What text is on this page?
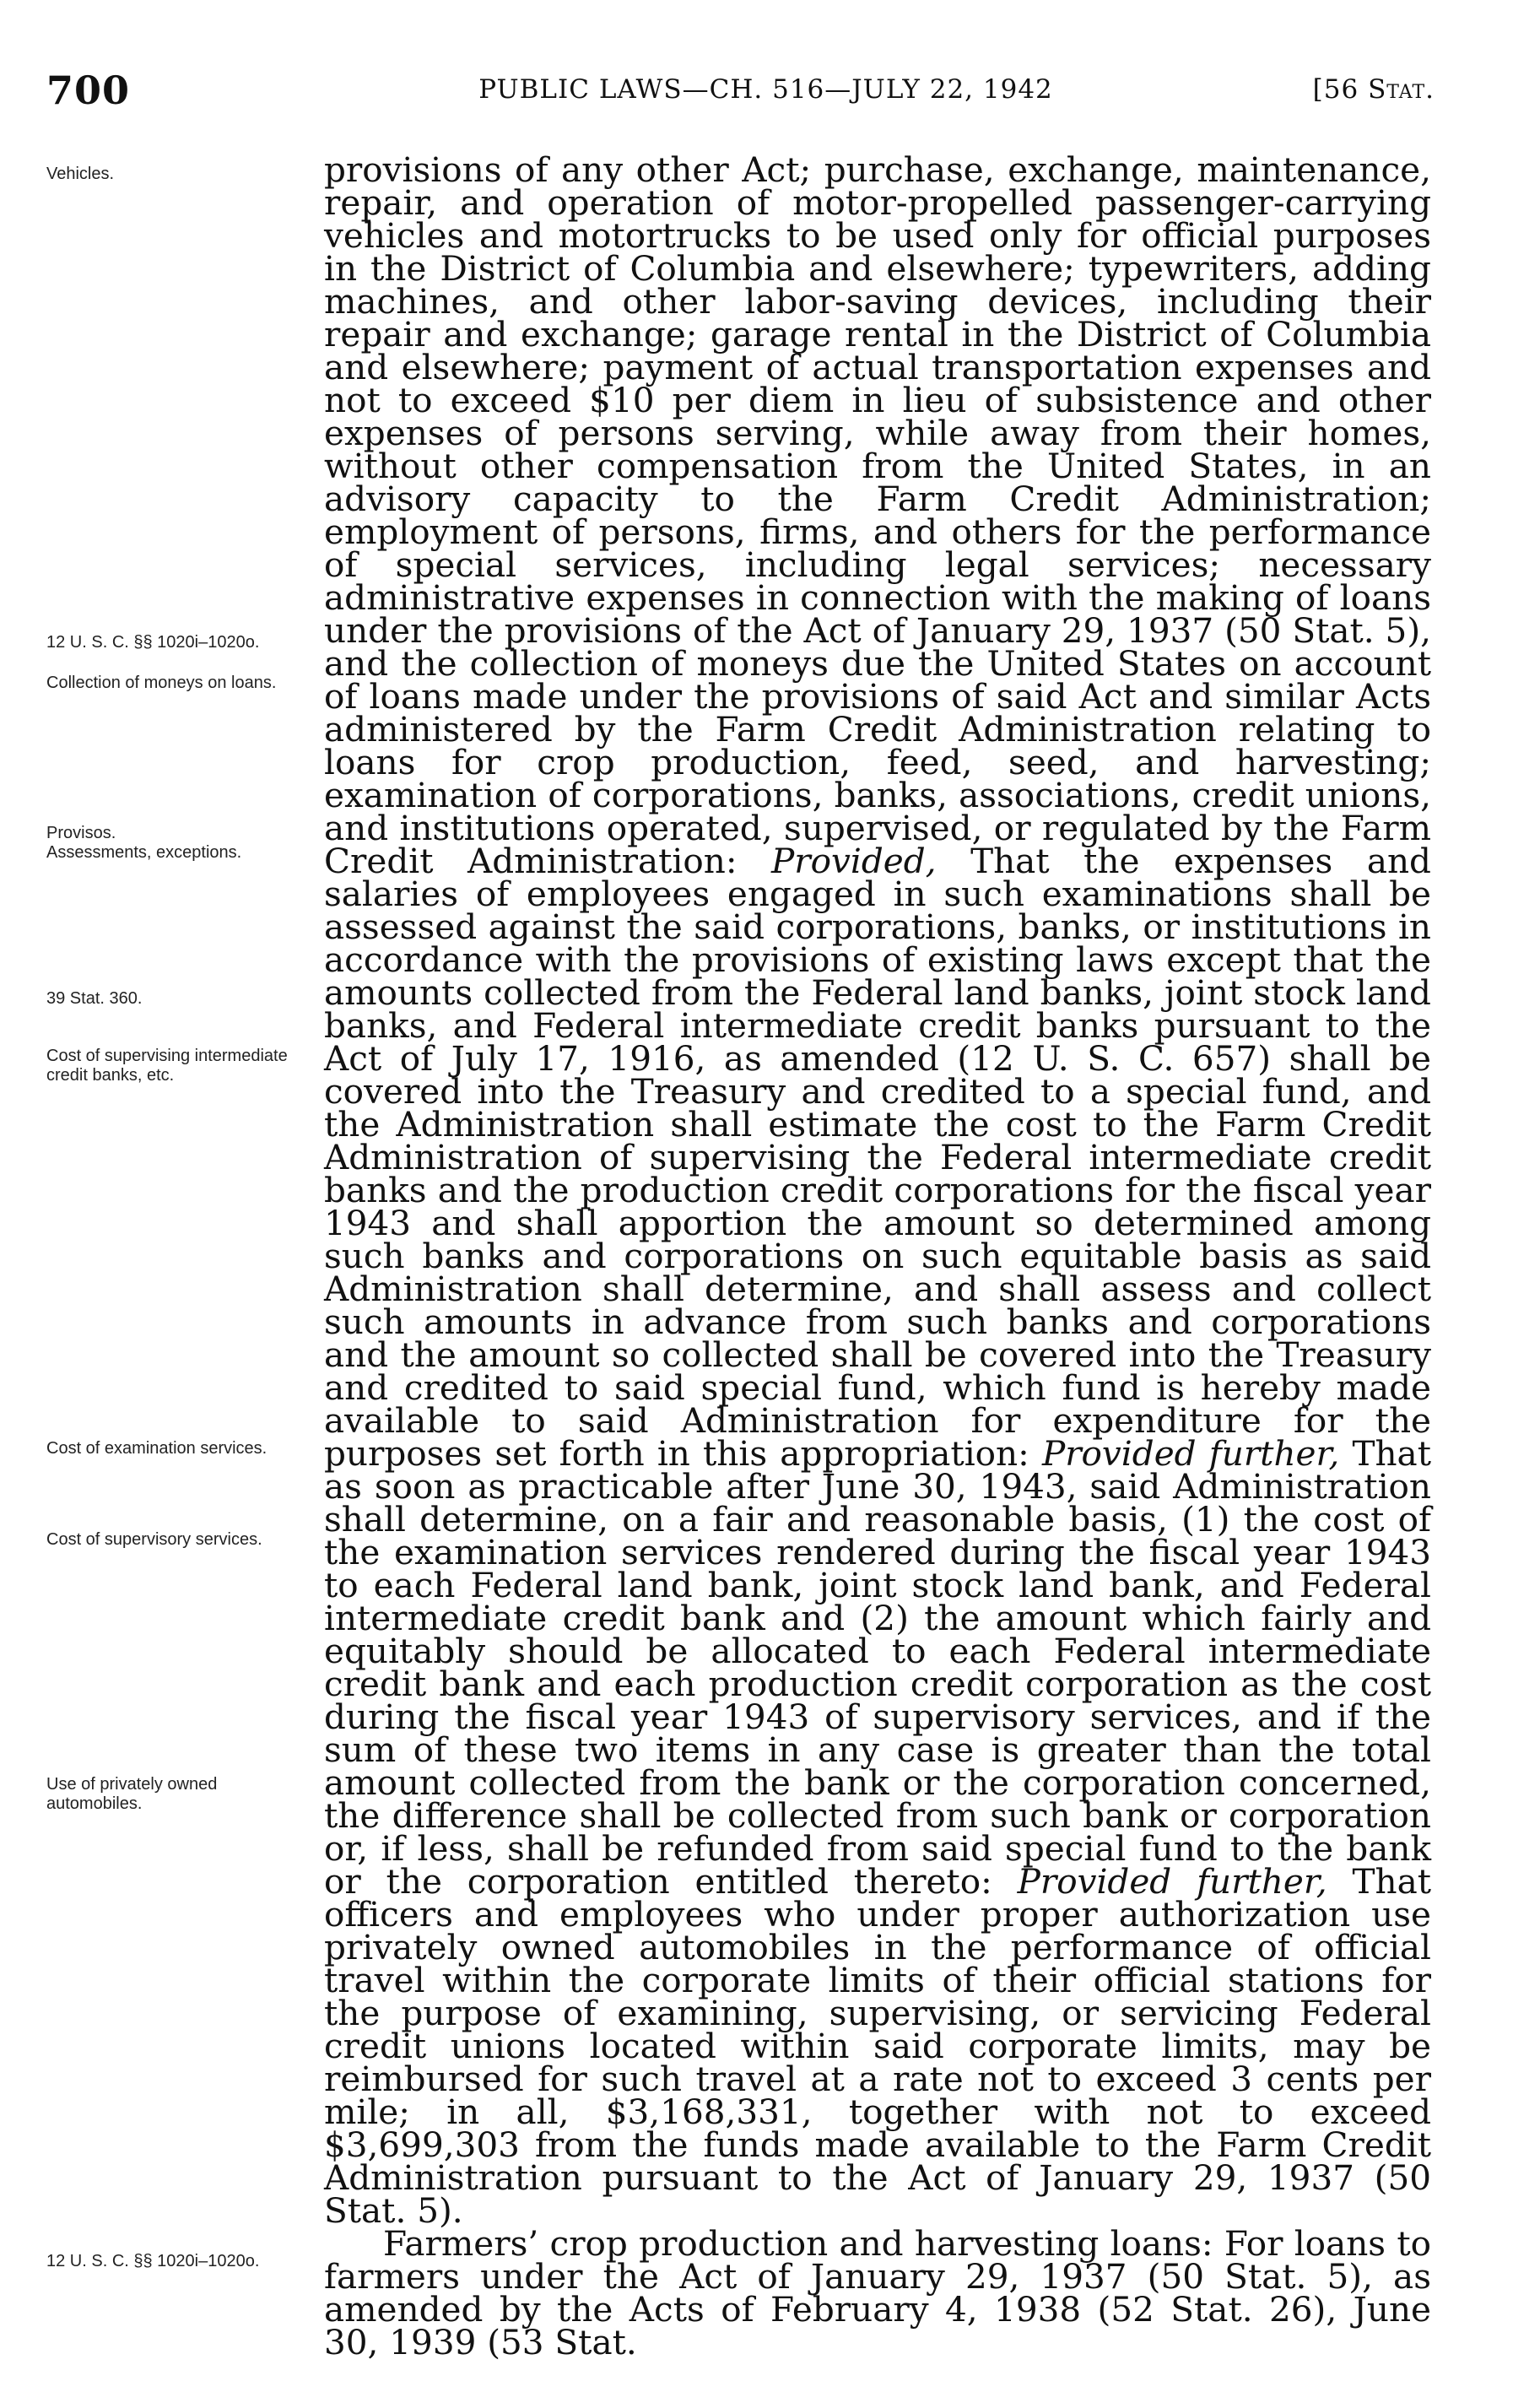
700	PUBLIC LAWS—CH. 516—JULY 22, 1942	[56 Stat.
Vehicles.
12 U. S. C. §§ 1020i–1020o.
Collection of moneys on loans.
Provisos.
Assessments, exceptions.
39 Stat. 360.
Cost of supervising intermediate credit banks, etc.
Cost of examination services.
Cost of supervisory services.
Use of privately owned automobiles.
12 U. S. C. §§ 1020i–1020o.

provisions of any other Act; purchase, exchange, maintenance, repair, and operation of motor-propelled passenger-carrying vehicles and motortrucks to be used only for official purposes in the District of Columbia and elsewhere; typewriters, adding machines, and other labor-saving devices, including their repair and exchange; garage rental in the District of Columbia and elsewhere; payment of actual transportation expenses and not to exceed $10 per diem in lieu of subsistence and other expenses of persons serving, while away from their homes, without other compensation from the United States, in an advisory capacity to the Farm Credit Administration; employment of persons, firms, and others for the performance of special services, including legal services; necessary administrative expenses in connection with the making of loans under the provisions of the Act of January 29, 1937 (50 Stat. 5), and the collection of moneys due the United States on account of loans made under the provisions of said Act and similar Acts administered by the Farm Credit Administration relating to loans for crop production, feed, seed, and harvesting; examination of corporations, banks, associations, credit unions, and institutions operated, supervised, or regulated by the Farm Credit Administration: Provided, That the expenses and salaries of employees engaged in such examinations shall be assessed against the said corporations, banks, or institutions in accordance with the provisions of existing laws except that the amounts collected from the Federal land banks, joint stock land banks, and Federal intermediate credit banks pursuant to the Act of July 17, 1916, as amended (12 U. S. C. 657) shall be covered into the Treasury and credited to a special fund, and the Administration shall estimate the cost to the Farm Credit Administration of supervising the Federal intermediate credit banks and the production credit corporations for the fiscal year 1943 and shall apportion the amount so determined among such banks and corporations on such equitable basis as said Administration shall determine, and shall assess and collect such amounts in advance from such banks and corporations and the amount so collected shall be covered into the Treasury and credited to said special fund, which fund is hereby made available to said Administration for expenditure for the purposes set forth in this appropriation: Provided further, That as soon as practicable after June 30, 1943, said Administration shall determine, on a fair and reasonable basis, (1) the cost of the examination services rendered during the fiscal year 1943 to each Federal land bank, joint stock land bank, and Federal intermediate credit bank and (2) the amount which fairly and equitably should be allocated to each Federal intermediate credit bank and each production credit corporation as the cost during the fiscal year 1943 of supervisory services, and if the sum of these two items in any case is greater than the total amount collected from the bank or the corporation concerned, the difference shall be collected from such bank or corporation or, if less, shall be refunded from said special fund to the bank or the corporation entitled thereto: Provided further, That officers and employees who under proper authorization use privately owned automobiles in the performance of official travel within the corporate limits of their official stations for the purpose of examining, supervising, or servicing Federal credit unions located within said corporate limits, may be reimbursed for such travel at a rate not to exceed 3 cents per mile; in all, $3,168,331, together with not to exceed $3,699,303 from the funds made available to the Farm Credit Administration pursuant to the Act of January 29, 1937 (50 Stat. 5).

Farmers’ crop production and harvesting loans: For loans to farmers under the Act of January 29, 1937 (50 Stat. 5), as amended by the Acts of February 4, 1938 (52 Stat. 26), June 30, 1939 (53 Stat.
